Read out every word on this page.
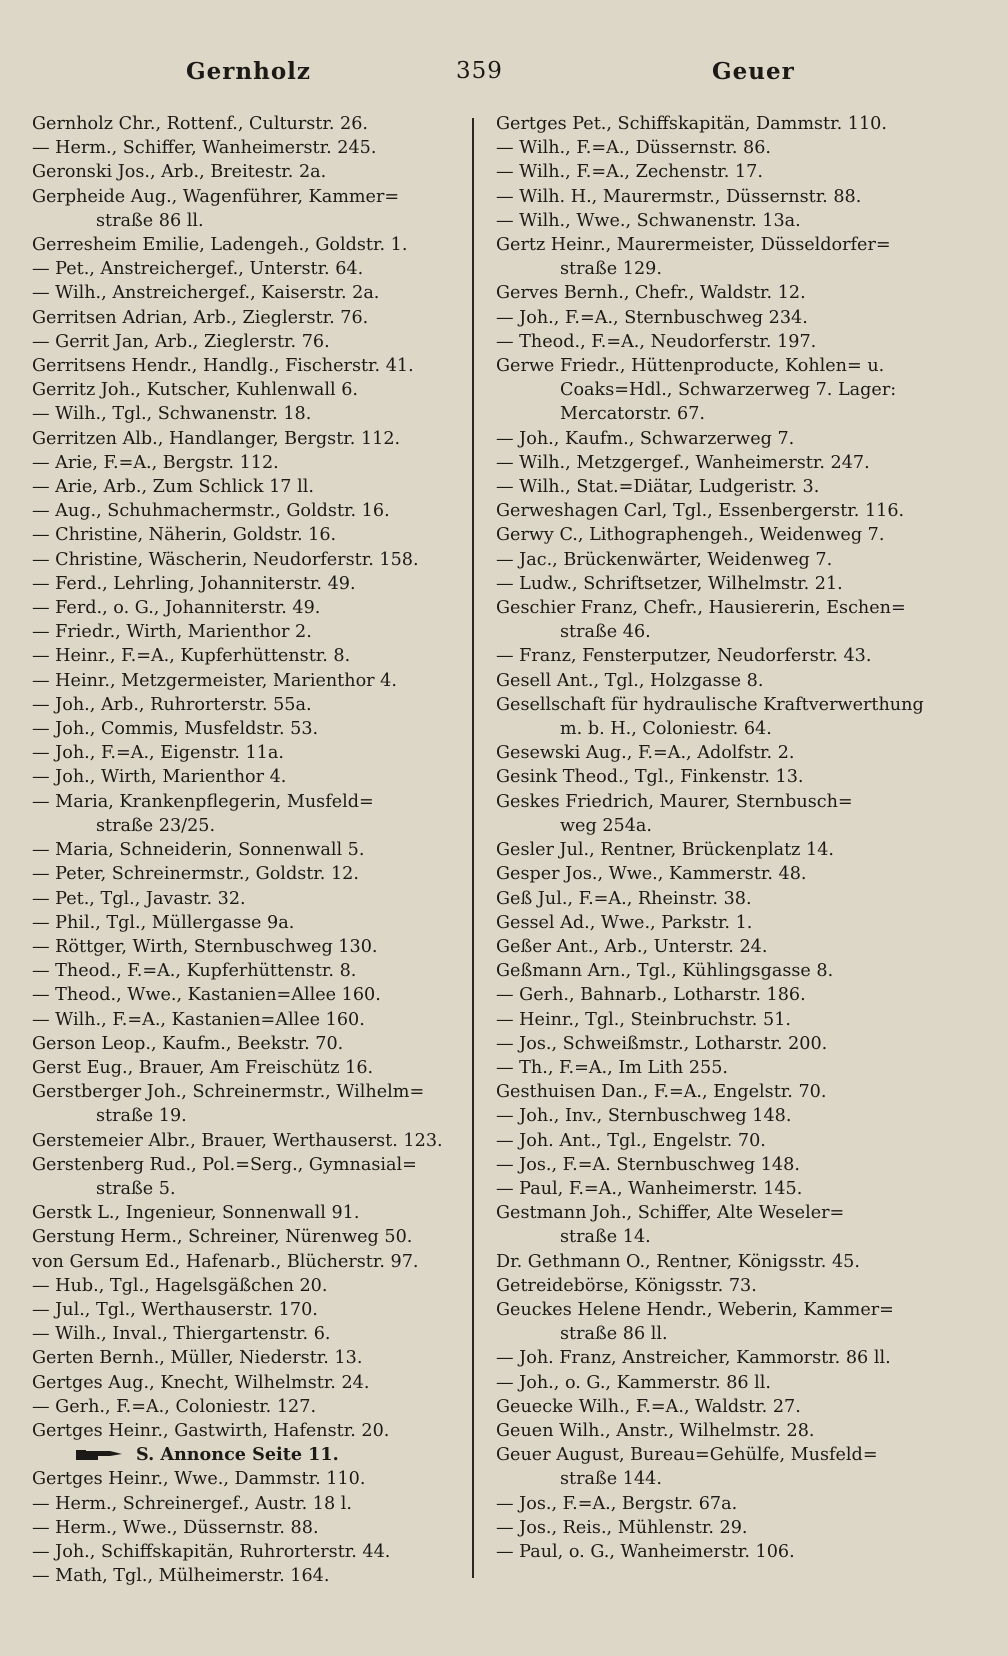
Gernholz	359	Geuer
Gernholz Chr., Rottenf., Culturstr. 26.
— Herm., Schiffer, Wanheimerstr. 245.
Geronski Jos., Arb., Breitestr. 2a.
Gerpheide Aug., Wagenführer, Kammer=
straße 86 ll.
Gerresheim Emilie, Ladengeh., Goldstr. 1.
— Pet., Anstreichergef., Unterstr. 64.
— Wilh., Anstreichergef., Kaiserstr. 2a.
Gerritsen Adrian, Arb., Zieglerstr. 76.
— Gerrit Jan, Arb., Zieglerstr. 76.
Gerritsens Hendr., Handlg., Fischerstr. 41.
Gerritz Joh., Kutscher, Kuhlenwall 6.
— Wilh., Tgl., Schwanenstr. 18.
Gerritzen Alb., Handlanger, Bergstr. 112.
— Arie, F.=A., Bergstr. 112.
— Arie, Arb., Zum Schlick 17 ll.
— Aug., Schuhmachermstr., Goldstr. 16.
— Christine, Näherin, Goldstr. 16.
— Christine, Wäscherin, Neudorferstr. 158.
— Ferd., Lehrling, Johanniterstr. 49.
— Ferd., o. G., Johanniterstr. 49.
— Friedr., Wirth, Marienthor 2.
— Heinr., F.=A., Kupferhüttenstr. 8.
— Heinr., Metzgermeister, Marienthor 4.
— Joh., Arb., Ruhrorterstr. 55a.
— Joh., Commis, Musfeldstr. 53.
— Joh., F.=A., Eigenstr. 11a.
— Joh., Wirth, Marienthor 4.
— Maria, Krankenpflegerin, Musfeld=
straße 23/25.
— Maria, Schneiderin, Sonnenwall 5.
— Peter, Schreinermstr., Goldstr. 12.
— Pet., Tgl., Javastr. 32.
— Phil., Tgl., Müllergasse 9a.
— Röttger, Wirth, Sternbuschweg 130.
— Theod., F.=A., Kupferhüttenstr. 8.
— Theod., Wwe., Kastanien=Allee 160.
— Wilh., F.=A., Kastanien=Allee 160.
Gerson Leop., Kaufm., Beekstr. 70.
Gerst Eug., Brauer, Am Freischütz 16.
Gerstberger Joh., Schreinermstr., Wilhelm=
straße 19.
Gerstemeier Albr., Brauer, Werthauserst. 123.
Gerstenberg Rud., Pol.=Serg., Gymnasial=
straße 5.
Gerstk L., Ingenieur, Sonnenwall 91.
Gerstung Herm., Schreiner, Nürenweg 50.
von Gersum Ed., Hafenarb., Blücherstr. 97.
— Hub., Tgl., Hagelsgäßchen 20.
— Jul., Tgl., Werthauserstr. 170.
— Wilh., Inval., Thiergartenstr. 6.
Gerten Bernh., Müller, Niederstr. 13.
Gertges Aug., Knecht, Wilhelmstr. 24.
— Gerh., F.=A., Coloniestr. 127.
Gertges Heinr., Gastwirth, Hafenstr. 20.
S. Annonce Seite 11.
Gertges Heinr., Wwe., Dammstr. 110.
— Herm., Schreinergef., Austr. 18 l.
— Herm., Wwe., Düssernstr. 88.
— Joh., Schiffskapitän, Ruhrorterstr. 44.
— Math, Tgl., Mülheimerstr. 164.
Gertges Pet., Schiffskapitän, Dammstr. 110.
— Wilh., F.=A., Düssernstr. 86.
— Wilh., F.=A., Zechenstr. 17.
— Wilh. H., Maurermstr., Düssernstr. 88.
— Wilh., Wwe., Schwanenstr. 13a.
Gertz Heinr., Maurermeister, Düsseldorfer=
straße 129.
Gerves Bernh., Chefr., Waldstr. 12.
— Joh., F.=A., Sternbuschweg 234.
— Theod., F.=A., Neudorferstr. 197.
Gerwe Friedr., Hüttenproducte, Kohlen= u.
Coaks=Hdl., Schwarzerweg 7. Lager:
Mercatorstr. 67.
— Joh., Kaufm., Schwarzerweg 7.
— Wilh., Metzgergef., Wanheimerstr. 247.
— Wilh., Stat.=Diätar, Ludgeristr. 3.
Gerweshagen Carl, Tgl., Essenbergerstr. 116.
Gerwy C., Lithographengeh., Weidenweg 7.
— Jac., Brückenwärter, Weidenweg 7.
— Ludw., Schriftsetzer, Wilhelmstr. 21.
Geschier Franz, Chefr., Hausiererin, Eschen=
straße 46.
— Franz, Fensterputzer, Neudorferstr. 43.
Gesell Ant., Tgl., Holzgasse 8.
Gesellschaft für hydraulische Kraftverwerthung
m. b. H., Coloniestr. 64.
Gesewski Aug., F.=A., Adolfstr. 2.
Gesink Theod., Tgl., Finkenstr. 13.
Geskes Friedrich, Maurer, Sternbusch=
weg 254a.
Gesler Jul., Rentner, Brückenplatz 14.
Gesper Jos., Wwe., Kammerstr. 48.
Geß Jul., F.=A., Rheinstr. 38.
Gessel Ad., Wwe., Parkstr. 1.
Geßer Ant., Arb., Unterstr. 24.
Geßmann Arn., Tgl., Kühlingsgasse 8.
— Gerh., Bahnarb., Lotharstr. 186.
— Heinr., Tgl., Steinbruchstr. 51.
— Jos., Schweißmstr., Lotharstr. 200.
— Th., F.=A., Im Lith 255.
Gesthuisen Dan., F.=A., Engelstr. 70.
— Joh., Inv., Sternbuschweg 148.
— Joh. Ant., Tgl., Engelstr. 70.
— Jos., F.=A. Sternbuschweg 148.
— Paul, F.=A., Wanheimerstr. 145.
Gestmann Joh., Schiffer, Alte Weseler=
straße 14.
Dr. Gethmann O., Rentner, Königsstr. 45.
Getreidebörse, Königsstr. 73.
Geuckes Helene Hendr., Weberin, Kammer=
straße 86 ll.
— Joh. Franz, Anstreicher, Kammorstr. 86 ll.
— Joh., o. G., Kammerstr. 86 ll.
Geuecke Wilh., F.=A., Waldstr. 27.
Geuen Wilh., Anstr., Wilhelmstr. 28.
Geuer August, Bureau=Gehülfe, Musfeld=
straße 144.
— Jos., F.=A., Bergstr. 67a.
— Jos., Reis., Mühlenstr. 29.
— Paul, o. G., Wanheimerstr. 106.
